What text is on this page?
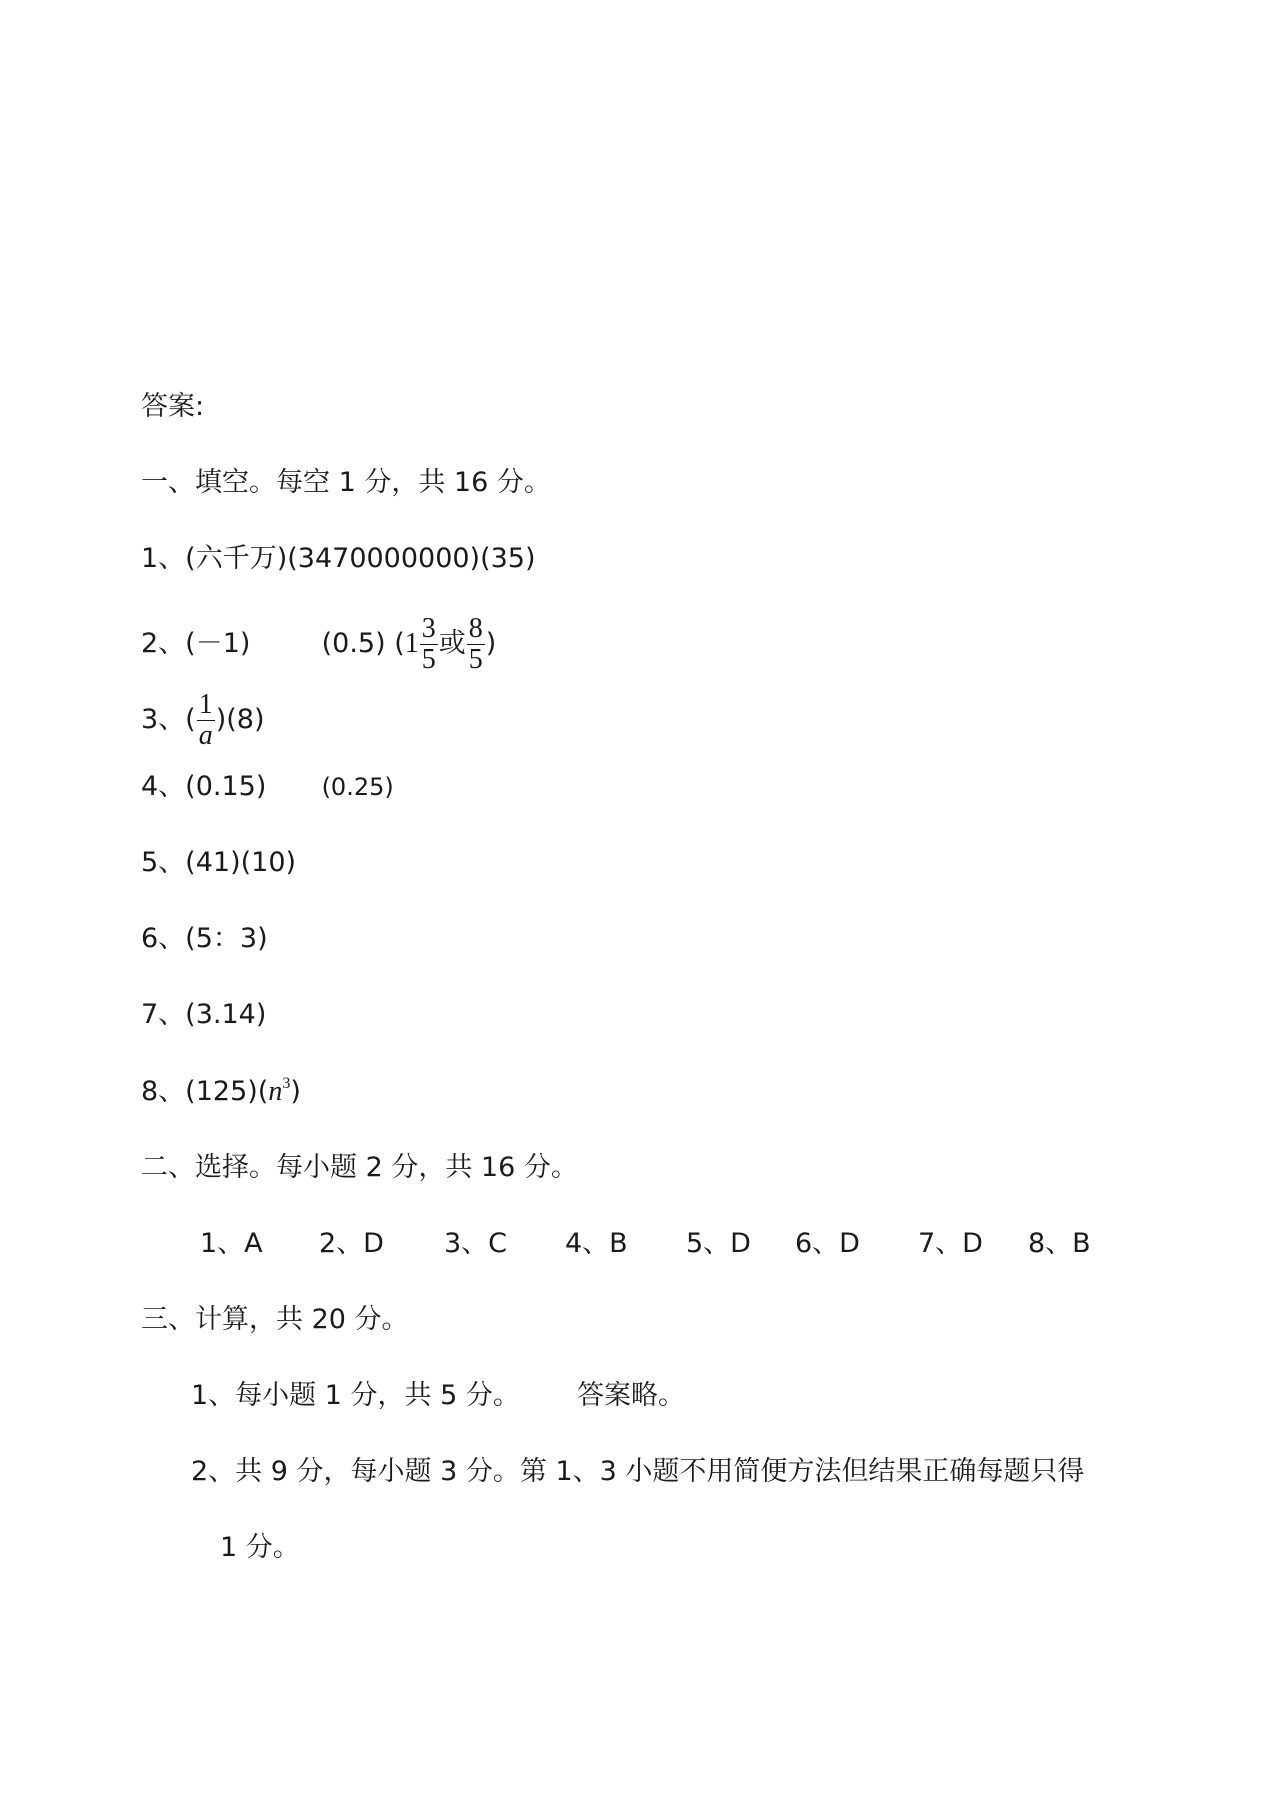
答案:
一、填空。每空 1 分，共 16 分。
1、(六千万)(3470000000)(35)
2、(－1)	(0.5) ($1 \frac{3}{5}$ 或 $\frac{8}{5}$ )
3、( $\frac{1}{a} )(8)$
4、(0.15) (0.25)
5、(41)(10)
6、(5：3)
7、(3.14)
8、$(125)(n^3)$
二、选择。每小题 2 分，共 16 分。
1、A 2、D 3、C 4、B 5、D 6、D 7、D 8、B
三、计算，共 20 分。
1、每小题 1 分，共 5 分。 答案略。
2、共 9 分，每小题 3 分。第 1、3 小题不用简便方法但结果正确每题只得
1 分。
